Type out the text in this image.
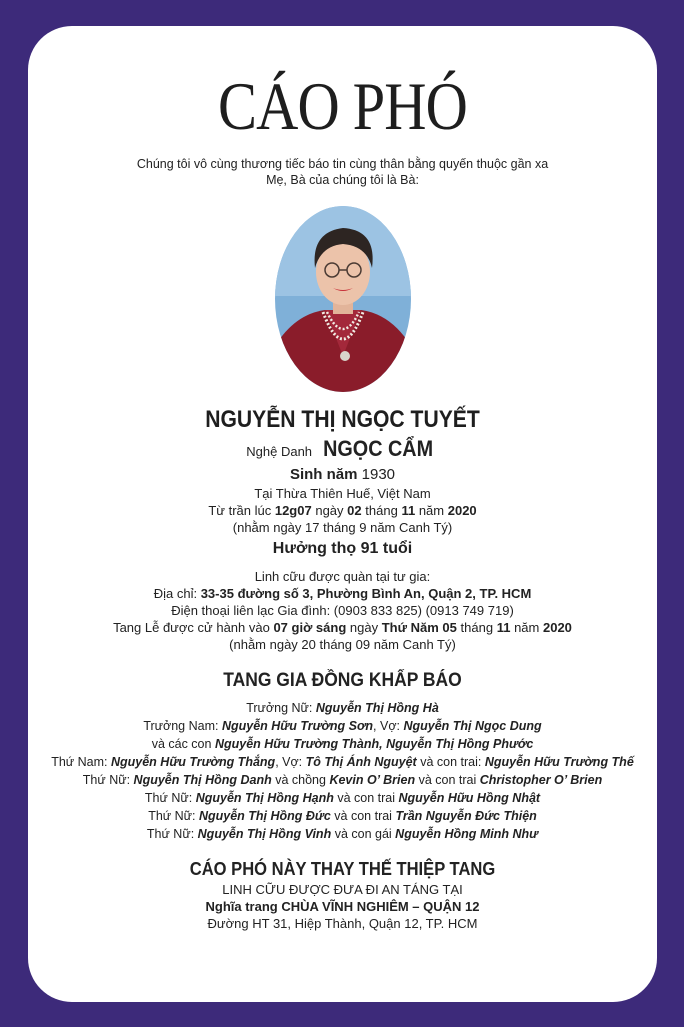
CÁO PHÓ
Chúng tôi vô cùng thương tiếc báo tin cùng thân bằng quyến thuộc gần xa
Mẹ, Bà của chúng tôi là Bà:
NGUYỄN THỊ NGỌC TUYẾT
Nghệ Danh NGỌC CẨM
Sinh năm 1930
Tại Thừa Thiên Huế, Việt Nam
Từ trần lúc 12g07 ngày 02 tháng 11 năm 2020
(nhằm ngày 17 tháng 9 năm Canh Tý)
Hưởng thọ 91 tuổi
Linh cữu được quàn tại tư gia:
Địa chỉ: 33-35 đường số 3, Phường Bình An, Quận 2, TP. HCM
Điện thoại liên lạc Gia đình: (0903 833 825) (0913 749 719)
Tang Lễ được cử hành vào 07 giờ sáng ngày Thứ Năm 05 tháng 11 năm 2020
(nhằm ngày 20 tháng 09 năm Canh Tý)
TANG GIA ĐỒNG KHẤP BÁO
Trưởng Nữ: Nguyễn Thị Hồng Hà
Trưởng Nam: Nguyễn Hữu Trường Sơn, Vợ: Nguyễn Thị Ngọc Dung
và các con Nguyễn Hữu Trường Thành, Nguyễn Thị Hồng Phước
Thứ Nam: Nguyễn Hữu Trường Thắng, Vợ: Tô Thị Ánh Nguyệt và con trai: Nguyễn Hữu Trường Thế
Thứ Nữ: Nguyễn Thị Hồng Danh và chồng Kevin O’ Brien và con trai Christopher O’ Brien
Thứ Nữ: Nguyễn Thị Hồng Hạnh và con trai Nguyễn Hữu Hồng Nhật
Thứ Nữ: Nguyễn Thị Hồng Đức và con trai Trần Nguyễn Đức Thiện
Thứ Nữ: Nguyễn Thị Hồng Vinh và con gái Nguyễn Hồng Minh Như
CÁO PHÓ NÀY THAY THẾ THIỆP TANG
LINH CỮU ĐƯỢC ĐƯA ĐI AN TÁNG TẠI
Nghĩa trang CHÙA VĨNH NGHIÊM – QUẬN 12
Đường HT 31, Hiệp Thành, Quận 12, TP. HCM
